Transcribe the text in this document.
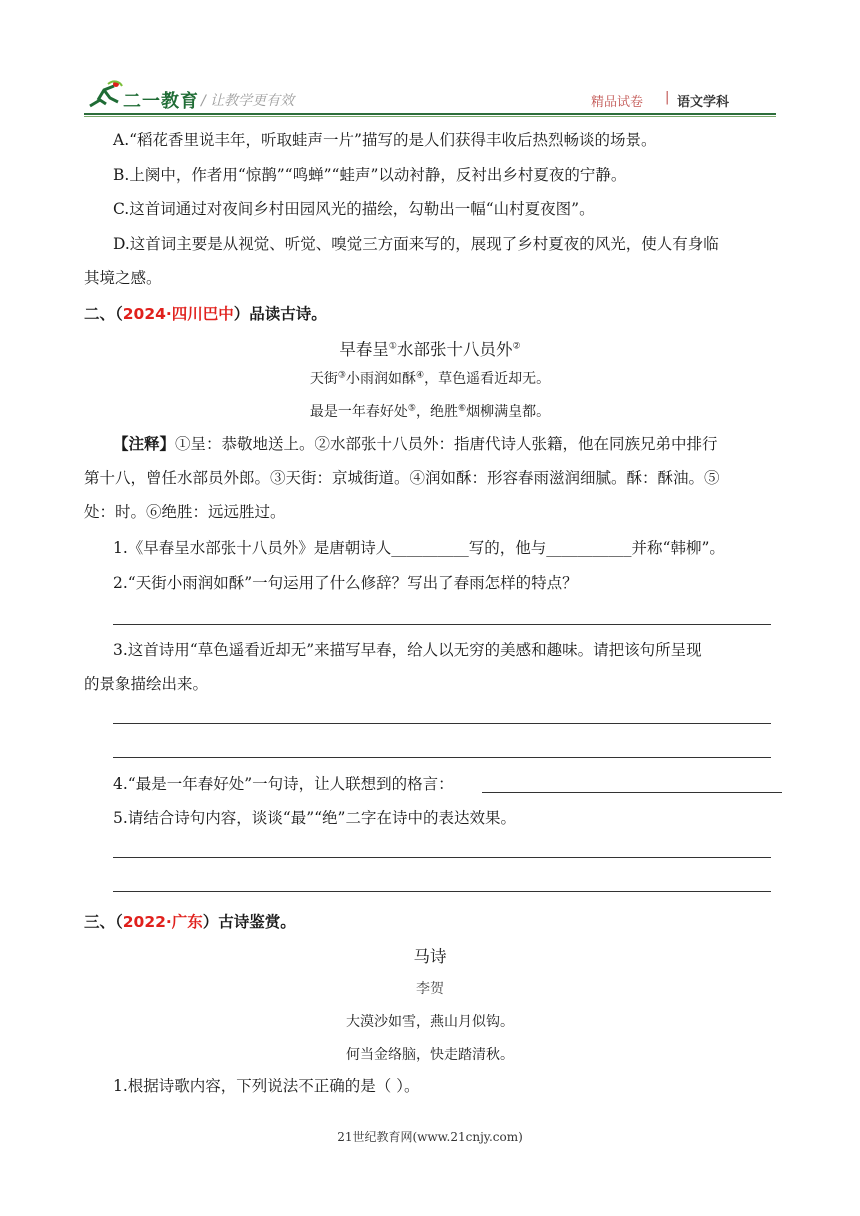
二一教育 / 让教学更有效	精品试卷 | 语文学科
A.“稻花香里说丰年，听取蛙声一片”描写的是人们获得丰收后热烈畅谈的场景。
B.上阕中，作者用“惊鹊”“鸣蝉”“蛙声”以动衬静，反衬出乡村夏夜的宁静。
C.这首词通过对夜间乡村田园风光的描绘，勾勒出一幅“山村夏夜图”。
D.这首词主要是从视觉、听觉、嗅觉三方面来写的，展现了乡村夏夜的风光，使人有身临
其境之感。
二、（2024·四川巴中）品读古诗。
早春呈①水部张十八员外②
天街③小雨润如酥④，草色遥看近却无。
最是一年春好处⑤，绝胜⑥烟柳满皇都。
【注释】①呈：恭敬地送上。②水部张十八员外：指唐代诗人张籍，他在同族兄弟中排行
第十八，曾任水部员外郎。③天街：京城街道。④润如酥：形容春雨滋润细腻。酥：酥油。⑤
处：时。⑥绝胜：远远胜过。
1.《早春呈水部张十八员外》是唐朝诗人__________写的，他与___________并称“韩柳”。
2.“天街小雨润如酥”一句运用了什么修辞？写出了春雨怎样的特点？
3.这首诗用“草色遥看近却无”来描写早春，给人以无穷的美感和趣味。请把该句所呈现
的景象描绘出来。
4.“最是一年春好处”一句诗，让人联想到的格言：
5.请结合诗句内容，谈谈“最”“绝”二字在诗中的表达效果。
三、（2022·广东）古诗鉴赏。
马诗
李贺
大漠沙如雪，燕山月似钩。
何当金络脑，快走踏清秋。
1.根据诗歌内容，下列说法不正确的是（ ）。
21世纪教育网(www.21cnjy.com)
